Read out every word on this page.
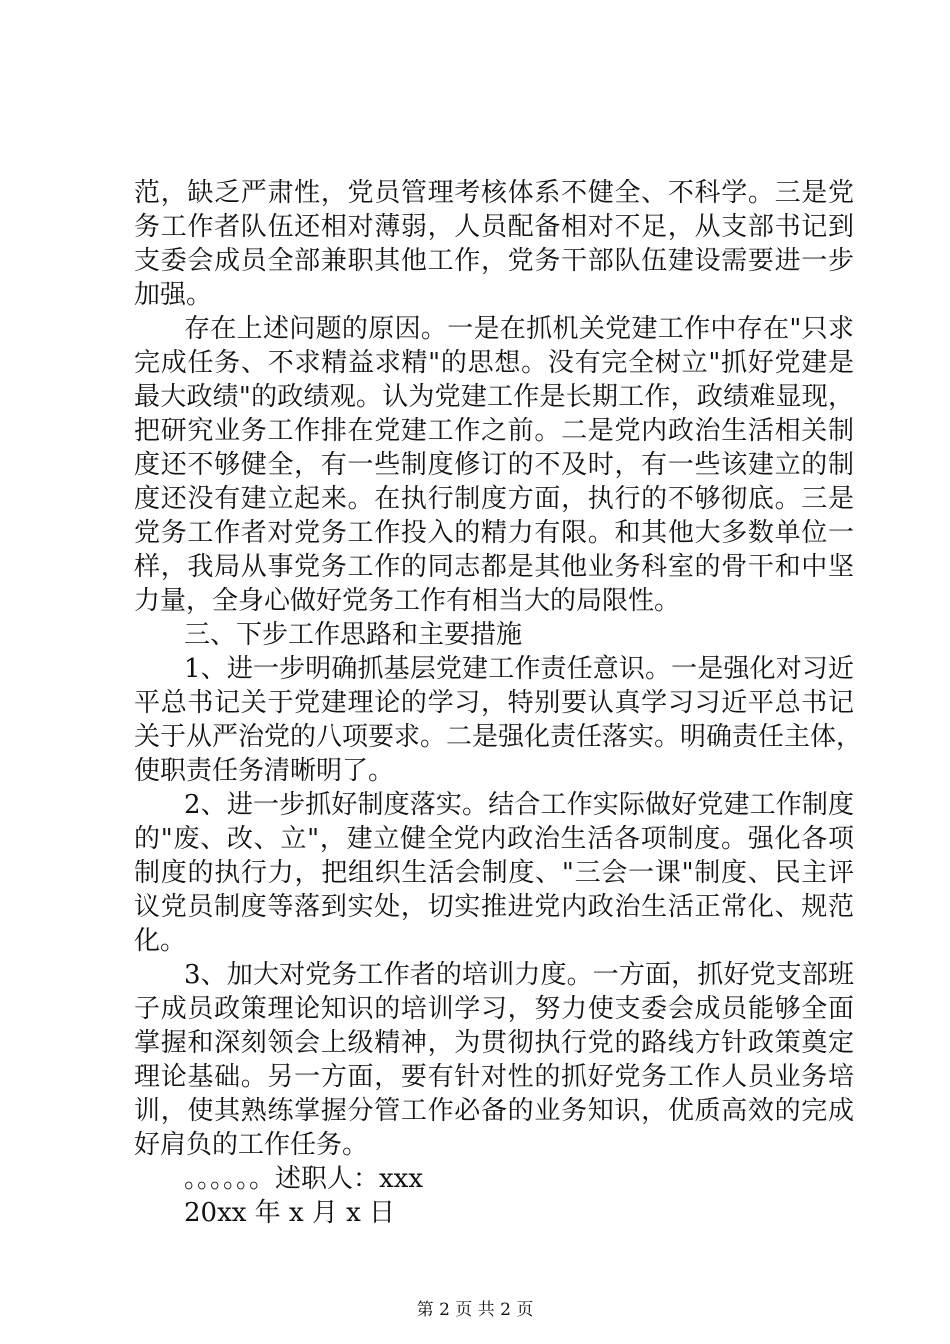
范，缺乏严肃性，党员管理考核体系不健全、不科学。三是党
务工作者队伍还相对薄弱，人员配备相对不足，从支部书记到
支委会成员全部兼职其他工作，党务干部队伍建设需要进一步
加强。
存在上述问题的原因。一是在抓机关党建工作中存在"只求
完成任务、不求精益求精"的思想。没有完全树立"抓好党建是
最大政绩"的政绩观。认为党建工作是长期工作，政绩难显现，
把研究业务工作排在党建工作之前。二是党内政治生活相关制
度还不够健全，有一些制度修订的不及时，有一些该建立的制
度还没有建立起来。在执行制度方面，执行的不够彻底。三是
党务工作者对党务工作投入的精力有限。和其他大多数单位一
样，我局从事党务工作的同志都是其他业务科室的骨干和中坚
力量，全身心做好党务工作有相当大的局限性。
三、下步工作思路和主要措施
1、进一步明确抓基层党建工作责任意识。一是强化对习近
平总书记关于党建理论的学习，特别要认真学习习近平总书记
关于从严治党的八项要求。二是强化责任落实。明确责任主体，
使职责任务清晰明了。
2、进一步抓好制度落实。结合工作实际做好党建工作制度
的"废、改、立"，建立健全党内政治生活各项制度。强化各项
制度的执行力，把组织生活会制度、"三会一课"制度、民主评
议党员制度等落到实处，切实推进党内政治生活正常化、规范
化。
3、加大对党务工作者的培训力度。一方面，抓好党支部班
子成员政策理论知识的培训学习，努力使支委会成员能够全面
掌握和深刻领会上级精神，为贯彻执行党的路线方针政策奠定
理论基础。另一方面，要有针对性的抓好党务工作人员业务培
训，使其熟练掌握分管工作必备的业务知识，优质高效的完成
好肩负的工作任务。
。。。。。。述职人：xxx
20xx 年 x 月 x 日
第 2 页 共 2 页
